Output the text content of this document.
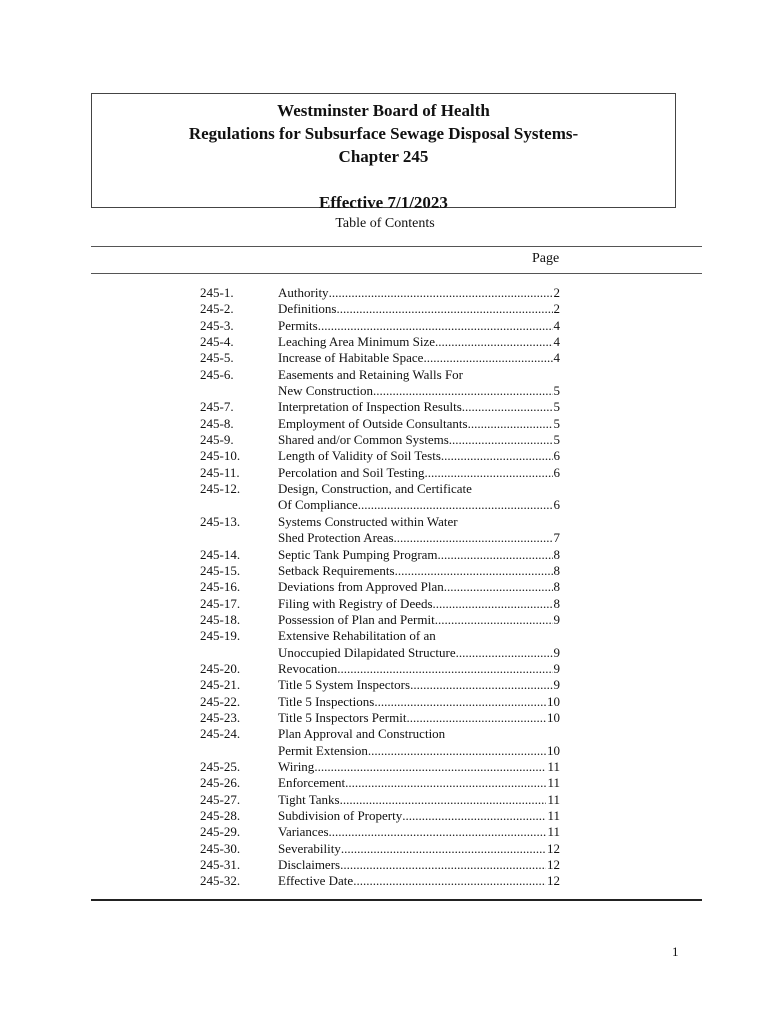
Westminster Board of Health
Regulations for Subsurface Sewage Disposal Systems-
Chapter 245
Effective 7/1/2023
Table of Contents
Page
245-1.	Authority .....	2
245-2.	Definitions .....	2
245-3.	Permits .....	4
245-4.	Leaching Area Minimum Size .....	4
245-5.	Increase of Habitable Space .....	4
245-6.	Easements and Retaining Walls For
New Construction .....	5
245-7.	Interpretation of Inspection Results .....	5
245-8.	Employment of Outside Consultants .....	5
245-9.	Shared and/or Common Systems .....	5
245-10.	Length of Validity of Soil Tests .....	6
245-11.	Percolation and Soil Testing .....	6
245-12.	Design, Construction, and Certificate
Of Compliance .....	6
245-13.	Systems Constructed within Water
Shed Protection Areas .....	7
245-14.	Septic Tank Pumping Program .....	8
245-15.	Setback Requirements .....	8
245-16.	Deviations from Approved Plan .....	8
245-17.	Filing with Registry of Deeds .....	8
245-18.	Possession of Plan and Permit .....	9
245-19.	Extensive Rehabilitation of an
Unoccupied Dilapidated Structure .....	9
245-20.	Revocation .....	9
245-21.	Title 5 System Inspectors .....	9
245-22.	Title 5 Inspections .....	10
245-23.	Title 5 Inspectors Permit .....	10
245-24.	Plan Approval and Construction
Permit Extension .....	10
245-25.	Wiring .....	11
245-26.	Enforcement .....	11
245-27.	Tight Tanks .....	11
245-28.	Subdivision of Property .....	11
245-29.	Variances .....	11
245-30.	Severability .....	12
245-31.	Disclaimers .....	12
245-32.	Effective Date .....	12
1
